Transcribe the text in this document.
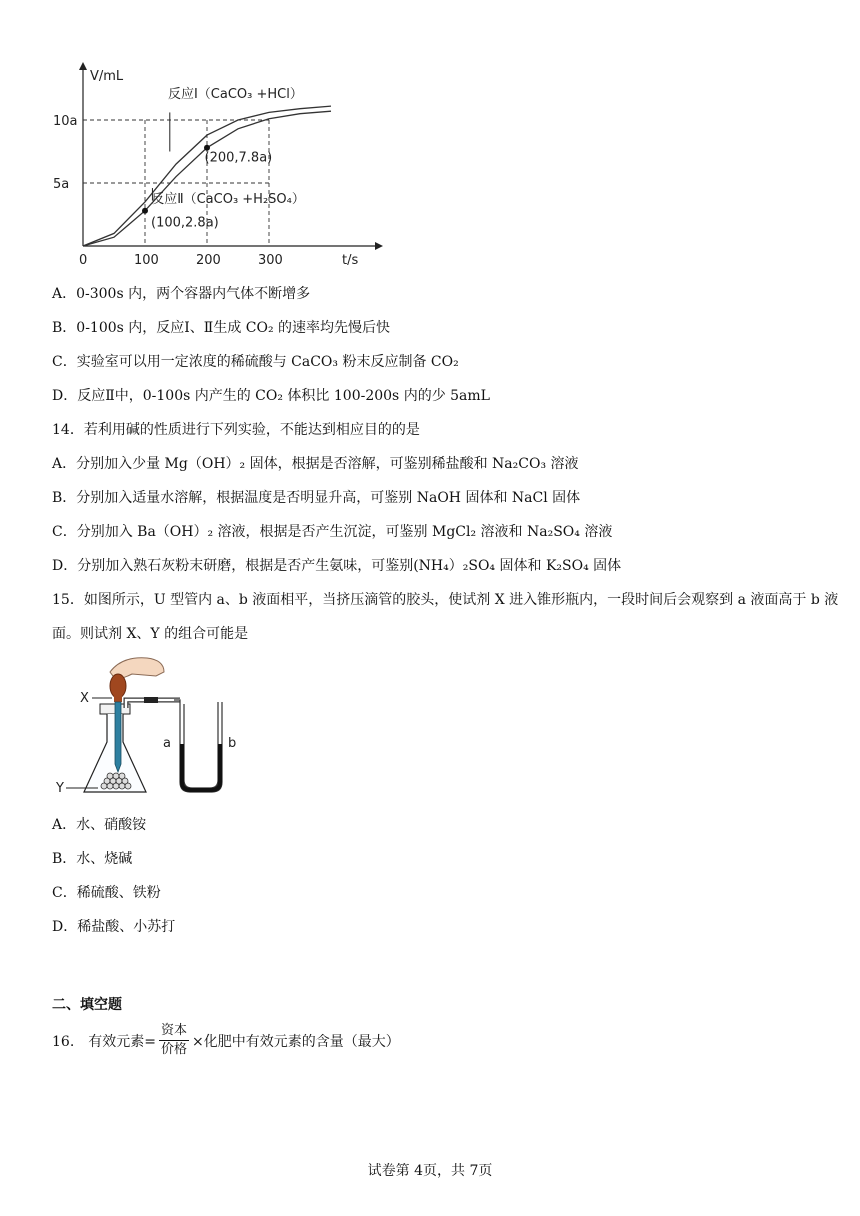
V/mL
t/s
0	100	200	300
5a
10a
反应Ⅰ（CaCO₃ +HCl）
反应Ⅱ（CaCO₃ +H₂SO₄）
(200,7.8a)
(100,2.8a)
A．0-300s 内，两个容器内气体不断增多
B．0-100s 内，反应Ⅰ、Ⅱ生成 CO₂ 的速率均先慢后快
C．实验室可以用一定浓度的稀硫酸与 CaCO₃ 粉末反应制备 CO₂
D．反应Ⅱ中，0-100s 内产生的 CO₂ 体积比 100-200s 内的少 5amL
14．若利用碱的性质进行下列实验，不能达到相应目的的是
A．分别加入少量 Mg（OH）₂ 固体，根据是否溶解，可鉴别稀盐酸和 Na₂CO₃ 溶液
B．分别加入适量水溶解，根据温度是否明显升高，可鉴别 NaOH 固体和 NaCl 固体
C．分别加入 Ba（OH）₂ 溶液，根据是否产生沉淀，可鉴别 MgCl₂ 溶液和 Na₂SO₄ 溶液
D．分别加入熟石灰粉末研磨，根据是否产生氨味，可鉴别(NH₄）₂SO₄ 固体和 K₂SO₄ 固体
15．如图所示，U 型管内 a、b 液面相平，当挤压滴管的胶头，使试剂 X 进入锥形瓶内，一段时间后会观察到 a 液面高于 b 液面。则试剂 X、Y 的组合可能是
X
Y
a	b
A．水、硝酸铵
B．水、烧碱
C．稀硫酸、铁粉
D．稀盐酸、小苏打
二、填空题
16.　有效元素= $\frac{\text{资本}}{\text{价格}}$ ×化肥中有效元素的含量（最大）
试卷第 4页，共 7页
